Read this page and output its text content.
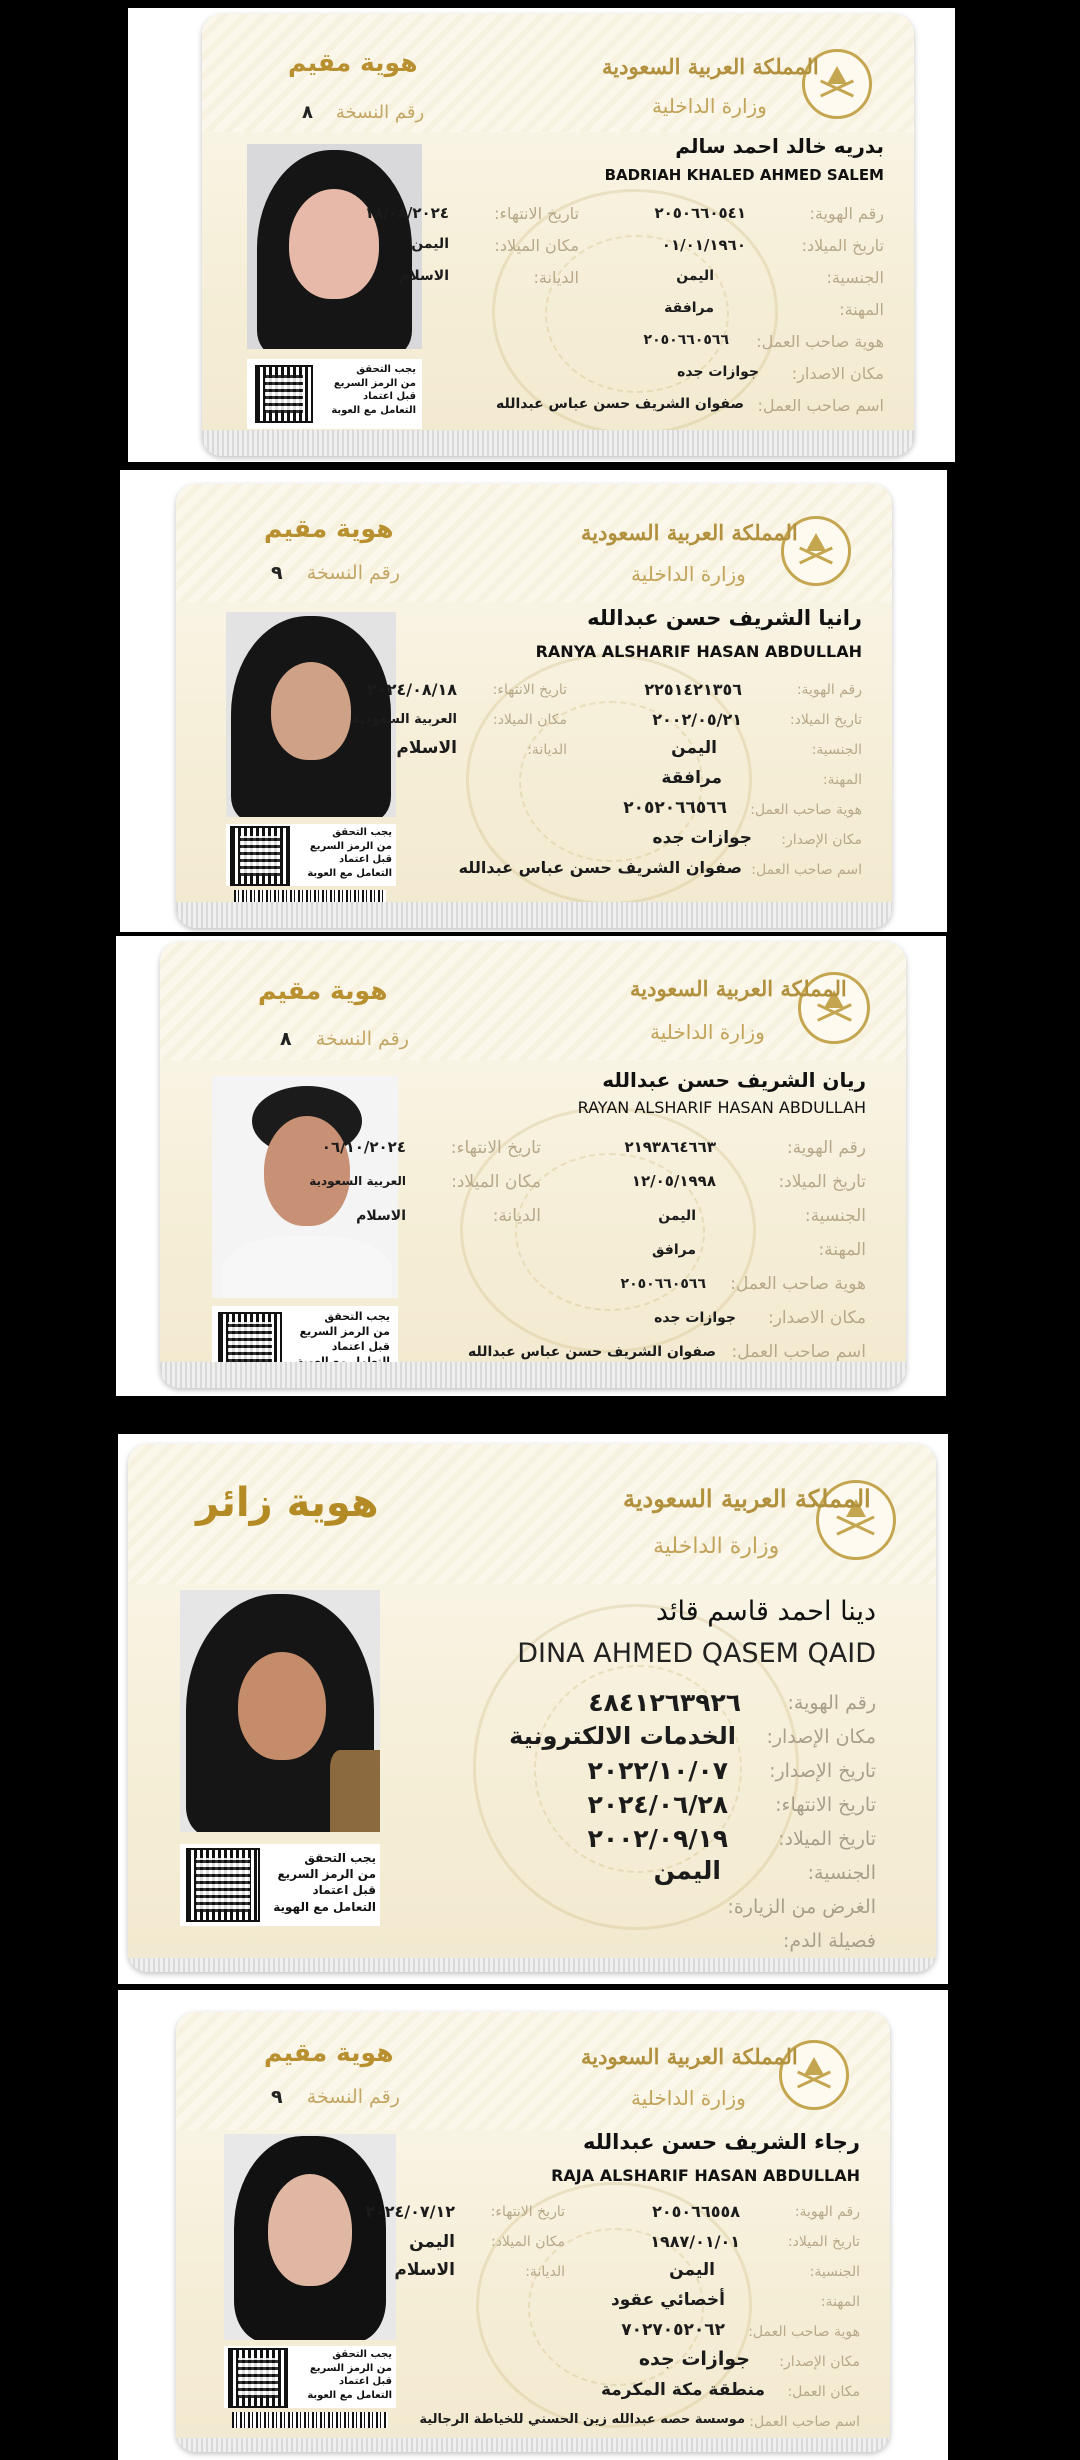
المملكة العربية السعودية
وزارة الداخلية
هوية مقيم
رقم النسخة    ٨
يجب التحقق
من الرمز السريع
قبل اعتماد
التعامل مع العوبة
بدريه خالد احمد سالم
BADRIAH KHALED AHMED SALEM
رقم الهوية:
٢٠٥٠٦٦٠٥٤١
تاريخ الانتهاء:
١٨/٠٨/٢٠٢٤
تاريخ الميلاد:
٠١/٠١/١٩٦٠
مكان الميلاد:
اليمن
الجنسية:
اليمن
الديانة:
الاسلام
المهنة:
مرافقة
هوية صاحب العمل:
٢٠٥٠٦٦٠٥٦٦
مكان الاصدار:
جوازات جده
اسم صاحب العمل:
صفوان الشريف حسن عباس عبدالله
المملكة العربية السعودية
وزارة الداخلية
هوية مقيم
رقم النسخة    ٩
يجب التحقق
من الرمز السريع
قبل اعتماد
التعامل مع العوبة
رانيا الشريف حسن عبدالله
RANYA ALSHARIF HASAN ABDULLAH
رقم الهوية:
٢٢٥١٤٢١٣٥٦
تاريخ الانتهاء:
٢٠٢٤/٠٨/١٨
تاريخ الميلاد:
٢٠٠٢/٠٥/٢١
مكان الميلاد:
العربية السعودية
الجنسية:
اليمن
الديانة:
الاسلام
المهنة:
مرافقة
هوية صاحب العمل:
٢٠٥٢٠٦٦٥٦٦
مكان الإصدار:
جوازات جده
اسم صاحب العمل:
صفوان الشريف حسن عباس عبدالله
المملكة العربية السعودية
وزارة الداخلية
هوية مقيم
رقم النسخة    ٨
يجب التحقق
من الرمز السريع
قبل اعتماد
ريان الشريف حسن عبدالله
RAYAN ALSHARIF HASAN ABDULLAH
رقم الهوية:
٢١٩٣٨٦٤٦٦٣
تاريخ الانتهاء:
٠٦/١٠/٢٠٢٤
تاريخ الميلاد:
١٢/٠٥/١٩٩٨
مكان الميلاد:
العربية السعودية
الجنسية:
اليمن
الديانة:
الاسلام
المهنة:
مرافق
هوية صاحب العمل:
٢٠٥٠٦٦٠٥٦٦
مكان الاصدار:
جوازات جده
اسم صاحب العمل:
صفوان الشريف حسن عباس عبدالله
المملكة العربية السعودية
وزارة الداخلية
هوية زائر
يجب التحقق
من الرمز السريع
قبل اعتماد
التعامل مع الهوية
دينا احمد قاسم قائد
DINA AHMED QASEM QAID
رقم الهوية:
٤٨٤١٢٦٣٩٢٦
مكان الإصدار:
الخدمات الالكترونية
تاريخ الإصدار:
٢٠٢٢/١٠/٠٧
تاريخ الانتهاء:
٢٠٢٤/٠٦/٢٨
تاريخ الميلاد:
٢٠٠٢/٠٩/١٩
الجنسية:
اليمن
الغرض من الزيارة:
فصيلة الدم:
المملكة العربية السعودية
وزارة الداخلية
هوية مقيم
رقم النسخة    ٩
يجب التحقق
من الرمز السريع
قبل اعتماد
التعامل مع العوبة
رجاء الشريف حسن عبدالله
RAJA ALSHARIF HASAN ABDULLAH
رقم الهوية:
٢٠٥٠٦٦٥٥٨
تاريخ الانتهاء:
٢٠٢٤/٠٧/١٢
تاريخ الميلاد:
١٩٨٧/٠١/٠١
مكان الميلاد:
اليمن
الجنسية:
اليمن
الديانة:
الاسلام
المهنة:
أخصائي عقود
هوية صاحب العمل:
٧٠٢٧٠٥٢٠٦٢
مكان الإصدار:
جوازات جده
مكان العمل:
منطقة مكة المكرمة
اسم صاحب العمل:
موسسة حصه عبدالله زين الحسني للخياطة الرجالية
